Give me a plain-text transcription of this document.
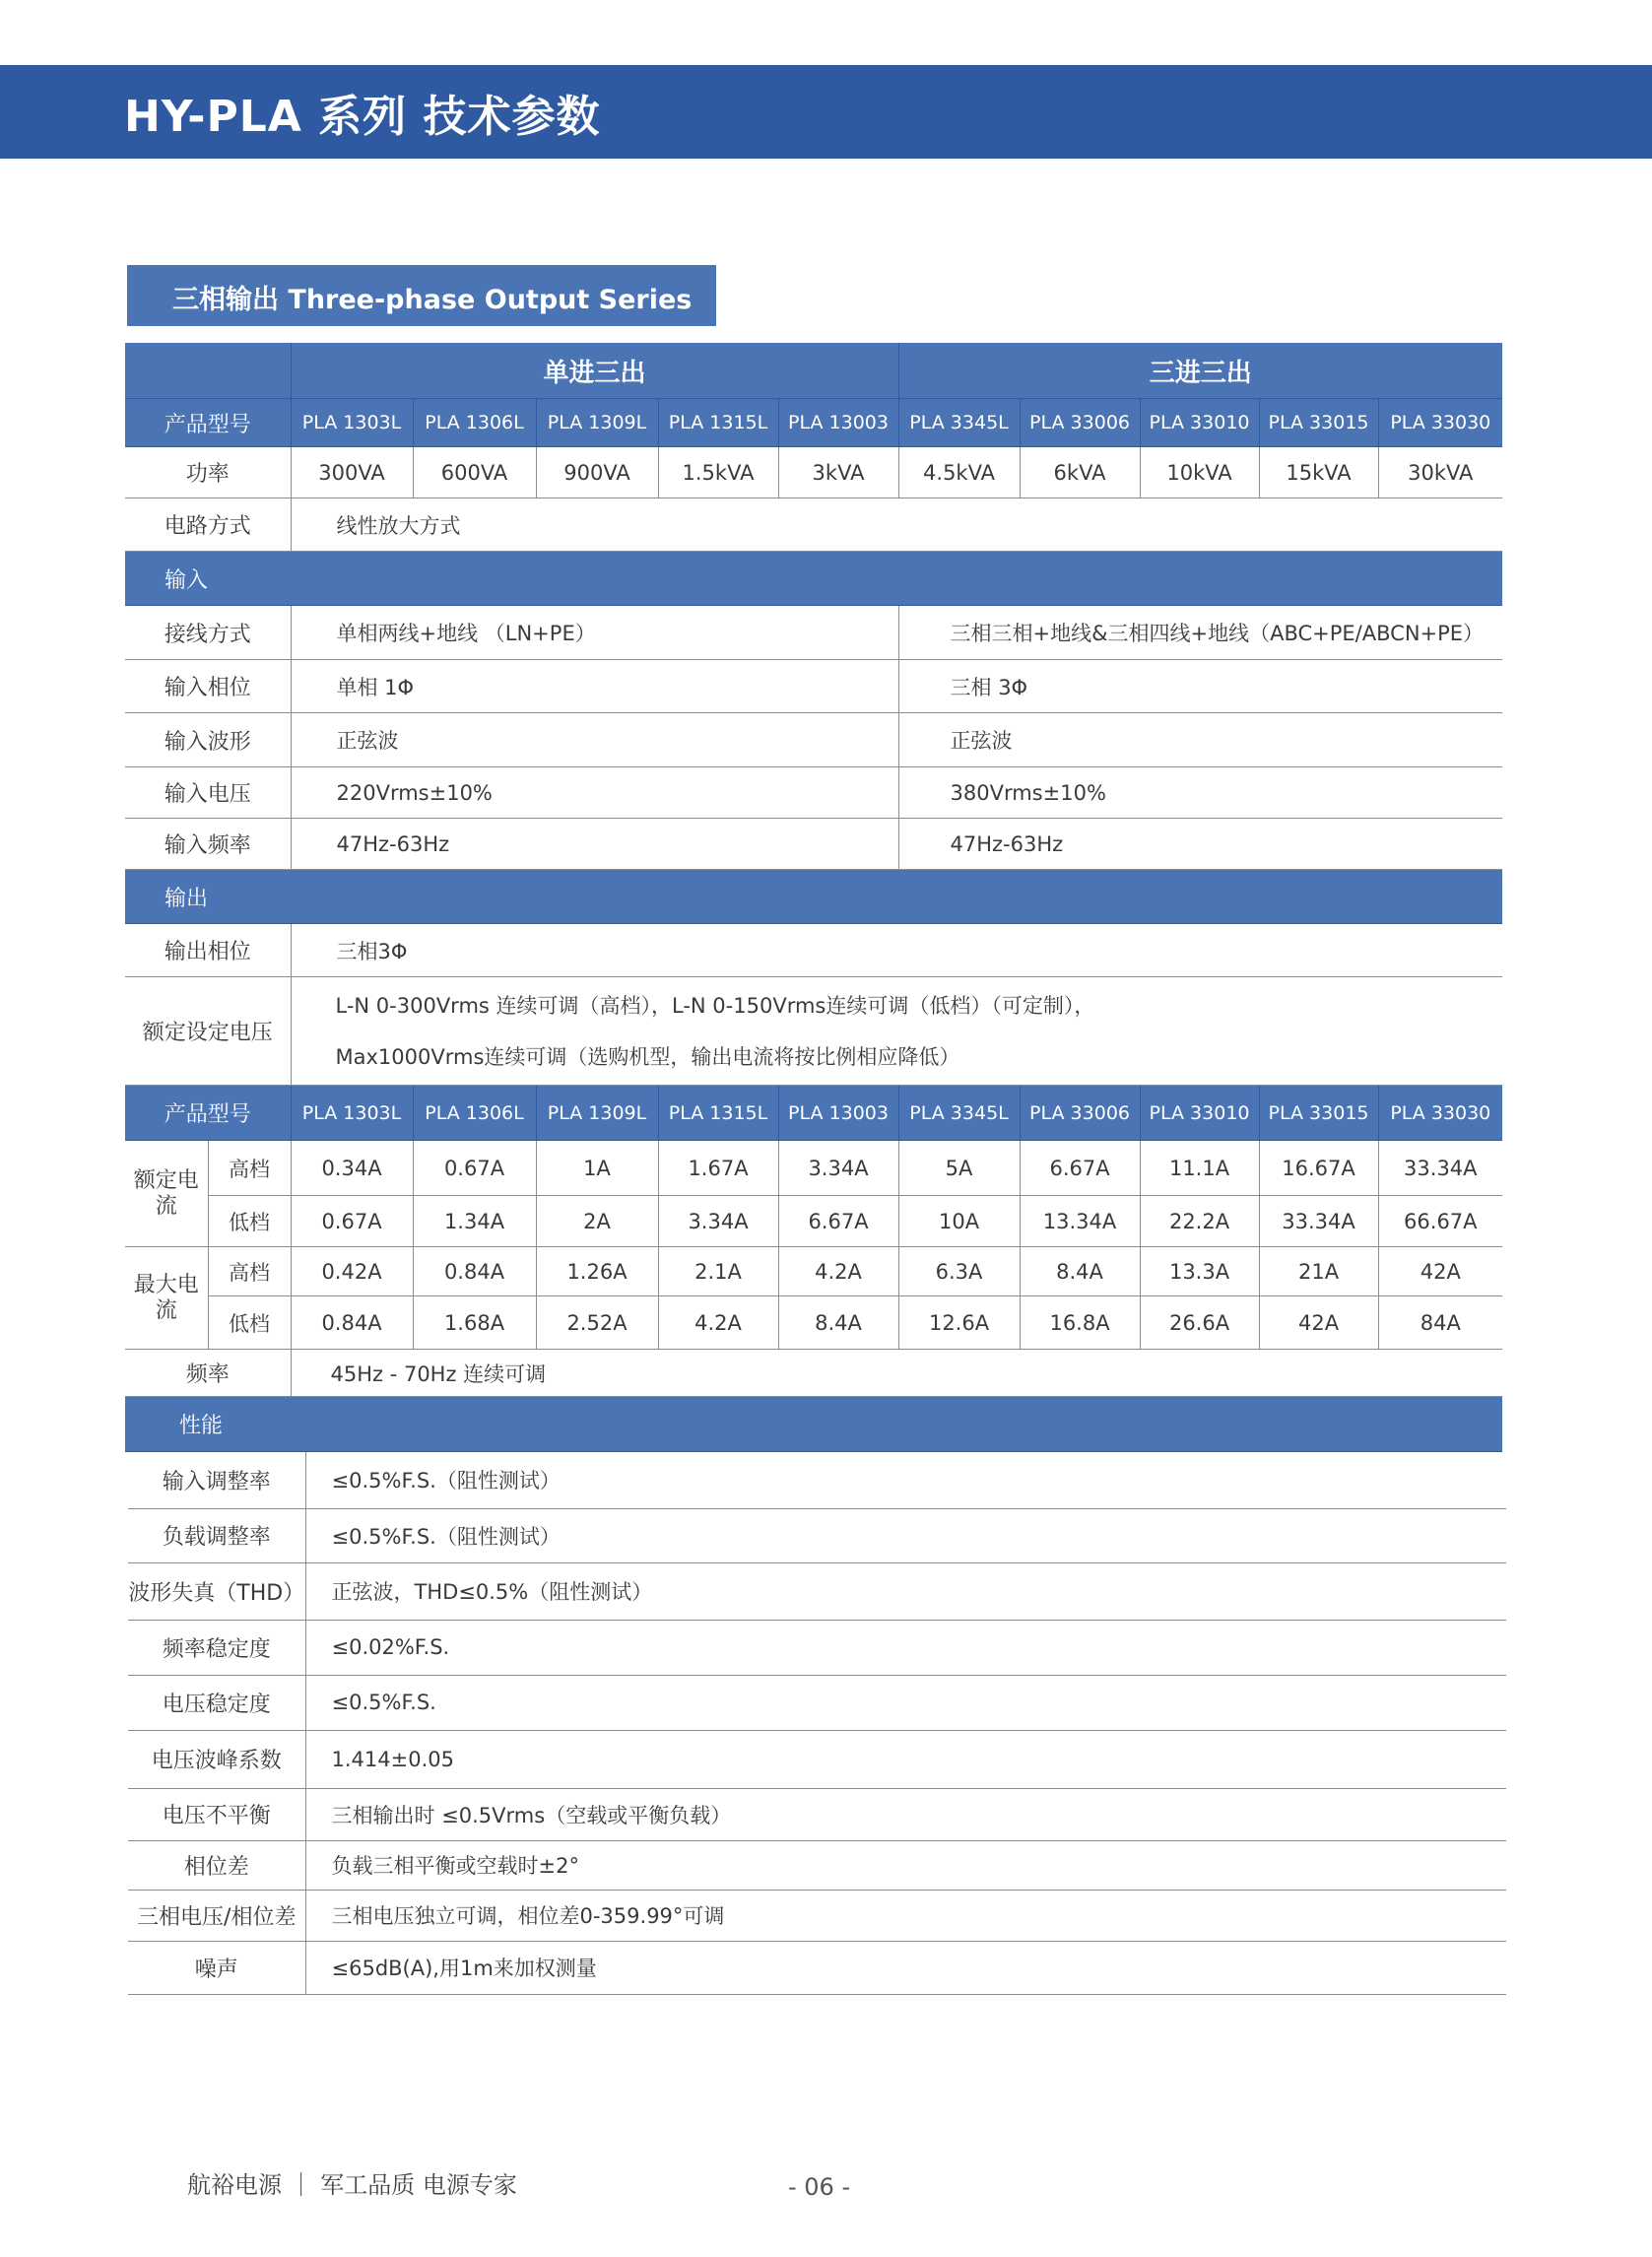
HY-PLA 系列 技术参数
三相输出 Three-phase Output Series
		单进三出					三进三出				
产品型号		PLA 1303L	PLA 1306L	PLA 1309L	PLA 1315L	PLA 13003	PLA 3345L	PLA 33006	PLA 33010	PLA 33015	PLA 33030
功率		300VA	600VA	900VA	1.5kVA	3kVA	4.5kVA	6kVA	10kVA	15kVA	30kVA
电路方式		线性放大方式									
输入											
接线方式		单相两线+地线 （LN+PE）					三相三相+地线&三相四线+地线（ABC+PE/ABCN+PE）				
输入相位		单相 1Φ					三相 3Φ				
输入波形		正弦波					正弦波				
输入电压		220Vrms±10%					380Vrms±10%				
输入频率		47Hz-63Hz					47Hz-63Hz				
输出											
输出相位		三相3Φ									
额定设定电压		L-N 0-300Vrms 连续可调（高档），L-N 0-150Vrms连续可调（低档）（可定制），
Max1000Vrms连续可调（选购机型，输出电流将按比例相应降低）									

产品型号		PLA 1303L	PLA 1306L	PLA 1309L	PLA 1315L	PLA 13003	PLA 3345L	PLA 33006	PLA 33010	PLA 33015	PLA 33030
额定电流	高档	0.34A	0.67A	1A	1.67A	3.34A	5A	6.67A	11.1A	16.67A	33.34A
	低档	0.67A	1.34A	2A	3.34A	6.67A	10A	13.34A	22.2A	33.34A	66.67A
最大电流	高档	0.42A	0.84A	1.26A	2.1A	4.2A	6.3A	8.4A	13.3A	21A	42A
	低档	0.84A	1.68A	2.52A	4.2A	8.4A	12.6A	16.8A	26.6A	42A	84A
频率		45Hz - 70Hz 连续可调									
性能											
输入调整率	≤0.5%F.S.（阻性测试）
负载调整率	≤0.5%F.S.（阻性测试）
波形失真（THD）	正弦波，THD≤0.5%（阻性测试）
频率稳定度	≤0.02%F.S.
电压稳定度	≤0.5%F.S.
电压波峰系数	1.414±0.05
电压不平衡	三相输出时 ≤0.5Vrms（空载或平衡负载）
相位差	负载三相平衡或空载时±2°
三相电压/相位差	三相电压独立可调，相位差0-359.99°可调
噪声	≤65dB(A),用1m来加权测量
航裕电源 ｜ 军工品质 电源专家	- 06 -
